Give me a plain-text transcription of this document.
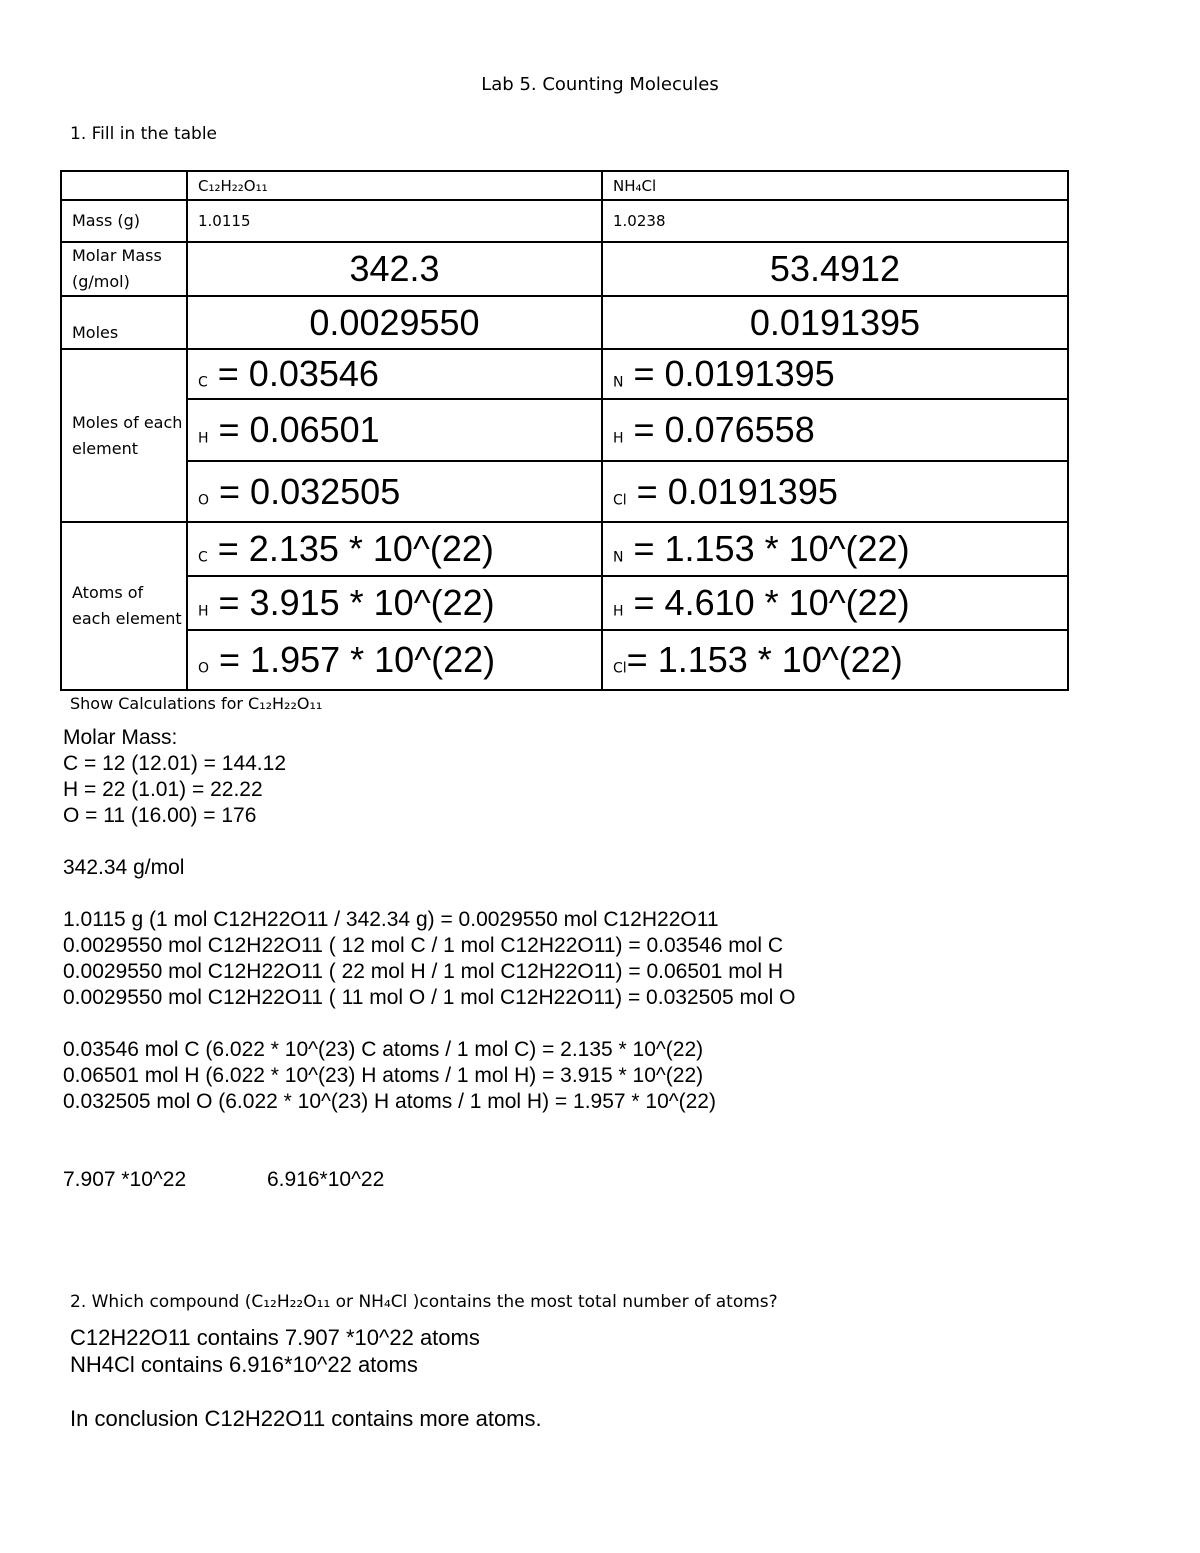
Lab 5. Counting Molecules
1. Fill in the table
	C₁₂H₂₂O₁₁	NH₄Cl
Mass (g)	1.0115	1.0238
Molar Mass (g/mol)	342.3	53.4912
Moles	0.0029550	0.0191395
Moles of each element	C = 0.03546	N = 0.0191395
	H = 0.06501	H = 0.076558
	O = 0.032505	Cl = 0.0191395
Atoms of each element	C = 2.135 * 10^(22)	N = 1.153 * 10^(22)
	H = 3.915 * 10^(22)	H = 4.610 * 10^(22)
	O = 1.957 * 10^(22)	Cl= 1.153 * 10^(22)
Show Calculations for C₁₂H₂₂O₁₁
Molar Mass:
C = 12 (12.01) = 144.12
H = 22 (1.01) = 22.22
O = 11 (16.00) = 176
342.34 g/mol
1.0115 g (1 mol C12H22O11 / 342.34 g) = 0.0029550 mol C12H22O11
0.0029550 mol C12H22O11 ( 12 mol C / 1 mol C12H22O11) = 0.03546 mol C
0.0029550 mol C12H22O11 ( 22 mol H / 1 mol C12H22O11) = 0.06501 mol H
0.0029550 mol C12H22O11 ( 11 mol O / 1 mol C12H22O11) = 0.032505 mol O
0.03546 mol C (6.022 * 10^(23) C atoms / 1 mol C) = 2.135 * 10^(22)
0.06501 mol H (6.022 * 10^(23) H atoms / 1 mol H) = 3.915 * 10^(22)
0.032505 mol O (6.022 * 10^(23) H atoms / 1 mol H) = 1.957 * 10^(22)
7.907 *10^22	6.916*10^22
2. Which compound (C₁₂H₂₂O₁₁ or NH₄Cl )contains the most total number of atoms?
C12H22O11 contains 7.907 *10^22 atoms
NH4Cl contains 6.916*10^22 atoms
In conclusion C12H22O11 contains more atoms.
